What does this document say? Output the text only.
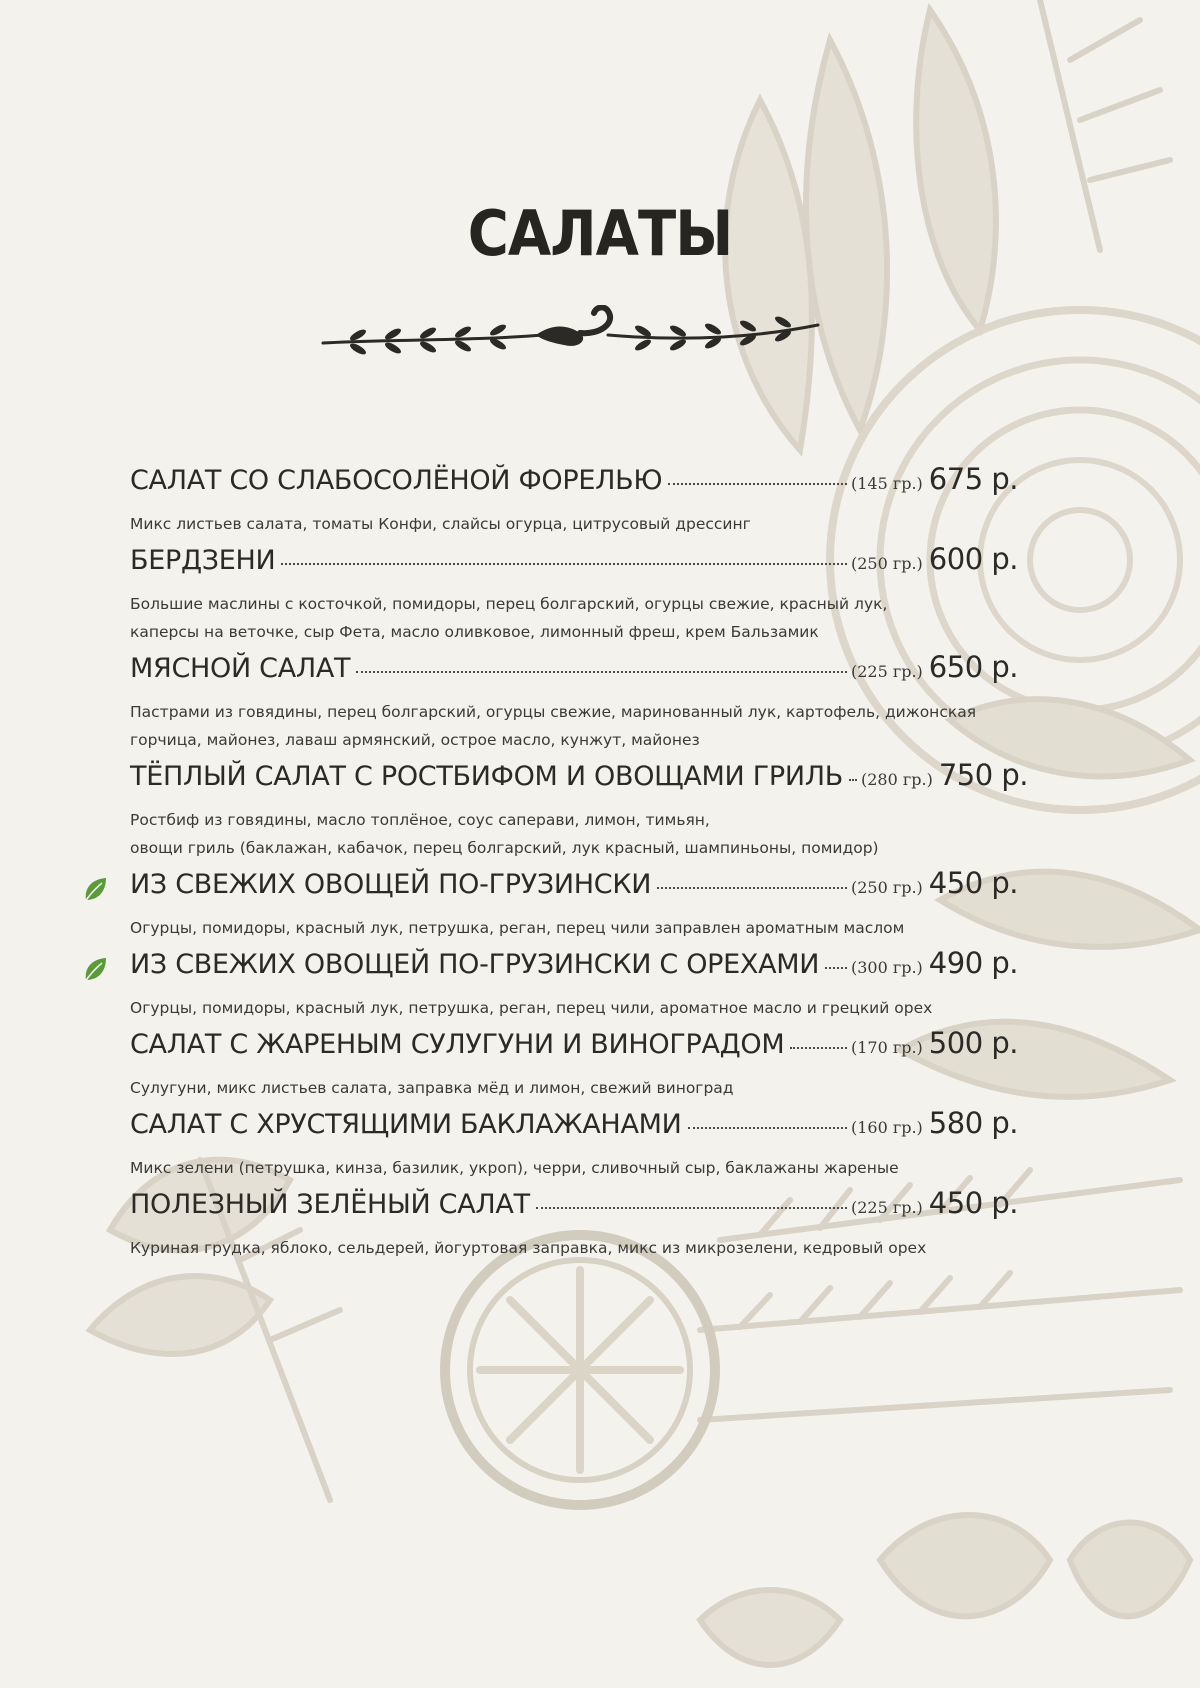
САЛАТЫ
САЛАТ СО СЛАБОСОЛЁНОЙ ФОРЕЛЬЮ	(145 гр.) 675 р.
Микс листьев салата, томаты Конфи, слайсы огурца, цитрусовый дрессинг
БЕРДЗЕНИ	(250 гр.) 600 р.
Большие маслины с косточкой, помидоры, перец болгарский, огурцы свежие, красный лук,
каперсы на веточке, сыр Фета, масло оливковое, лимонный фреш, крем Бальзамик
МЯСНОЙ САЛАТ	(225 гр.) 650 р.
Пастрами из говядины, перец болгарский, огурцы свежие, маринованный лук, картофель, дижонская
горчица, майонез, лаваш армянский, острое масло, кунжут, майонез
ТЁПЛЫЙ САЛАТ С РОСТБИФОМ И ОВОЩАМИ ГРИЛЬ (280 гр.) 750 р.
Ростбиф из говядины, масло топлёное, соус сапеpави, лимон, тимьян,
овощи гриль (баклажан, кабачок, перец болгарский, лук красный, шампиньоны, помидор)
ИЗ СВЕЖИХ ОВОЩЕЙ ПО-ГРУЗИНСКИ	(250 гр.) 450 р.
Огурцы, помидоры, красный лук, петрушка, реган, перец чили заправлен ароматным маслом
ИЗ СВЕЖИХ ОВОЩЕЙ ПО-ГРУЗИНСКИ С ОРЕХАМИ (300 гр.) 490 р.
Огурцы, помидоры, красный лук, петрушка, реган, перец чили, ароматное масло и грецкий орех
САЛАТ С ЖАРЕНЫМ СУЛУГУНИ И ВИНОГРАДОМ	(170 гр.) 500 р.
Сулугуни, микс листьев салата, заправка мёд и лимон, свежий виноград
САЛАТ С ХРУСТЯЩИМИ БАКЛАЖАНАМИ	(160 гр.) 580 р.
Микс зелени (петрушка, кинза, базилик, укроп), черри, сливочный сыр, баклажаны жареные
ПОЛЕЗНЫЙ ЗЕЛЁНЫЙ САЛАТ	(225 гр.) 450 р.
Куриная грудка, яблоко, сельдерей, йогуртовая заправка, микс из микрозелени, кедровый орех
